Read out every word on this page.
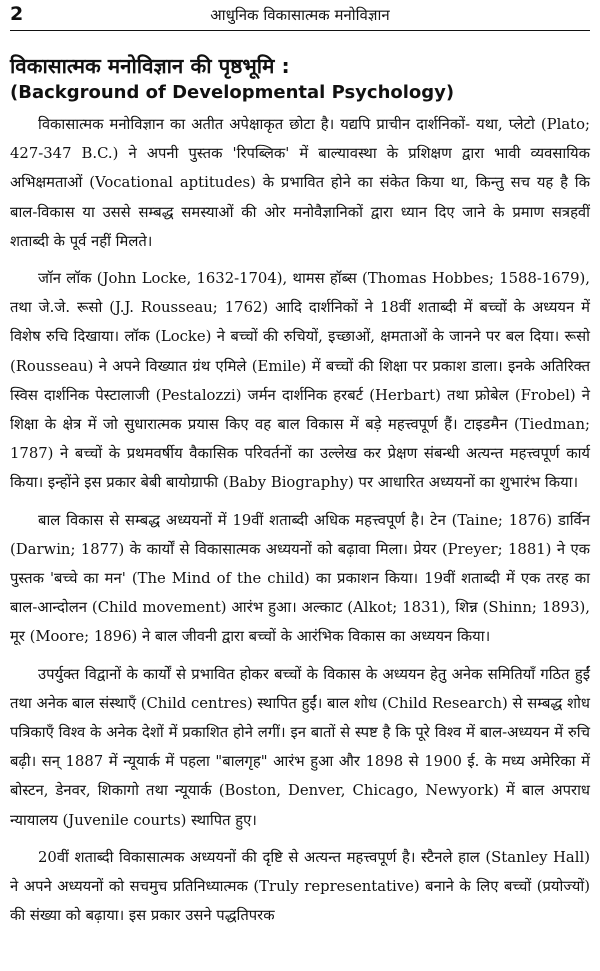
2	आधुनिक विकासात्मक मनोविज्ञान
विकासात्मक मनोविज्ञान की पृष्ठभूमि :
(Background of Developmental Psychology)

विकासात्मक मनोविज्ञान का अतीत अपेक्षाकृत छोटा है। यद्यपि प्राचीन दार्शनिकों- यथा, प्लेटो (Plato; 427-347 B.C.) ने अपनी पुस्तक 'रिपब्लिक' में बाल्यावस्था के प्रशिक्षण द्वारा भावी व्यवसायिक अभिक्षमताओं (Vocational aptitudes) के प्रभावित होने का संकेत किया था, किन्तु सच यह है कि बाल-विकास या उससे सम्बद्ध समस्याओं की ओर मनोवैज्ञानिकों द्वारा ध्यान दिए जाने के प्रमाण सत्रहवीं शताब्दी के पूर्व नहीं मिलते।

जॉन लॉक (John Locke, 1632-1704), थामस हॉब्स (Thomas Hobbes; 1588-1679), तथा जे.जे. रूसो (J.J. Rousseau; 1762) आदि दार्शनिकों ने 18वीं शताब्दी में बच्चों के अध्ययन में विशेष रुचि दिखाया। लॉक (Locke) ने बच्चों की रुचियों, इच्छाओं, क्षमताओं के जानने पर बल दिया। रूसो (Rousseau) ने अपने विख्यात ग्रंथ एमिले (Emile) में बच्चों की शिक्षा पर प्रकाश डाला। इनके अतिरिक्त स्विस दार्शनिक पेस्टालाजी (Pestalozzi) जर्मन दार्शनिक हरबर्ट (Herbart) तथा फ्रोबेल (Frobel) ने शिक्षा के क्षेत्र में जो सुधारात्मक प्रयास किए वह बाल विकास में बड़े महत्त्वपूर्ण हैं। टाइडमैन (Tiedman; 1787) ने बच्चों के प्रथमवर्षीय वैकासिक परिवर्तनों का उल्लेख कर प्रेक्षण संबन्धी अत्यन्त महत्त्वपूर्ण कार्य किया। इन्होंने इस प्रकार बेबी बायोग्राफी (Baby Biography) पर आधारित अध्ययनों का शुभारंभ किया।

बाल विकास से सम्बद्ध अध्ययनों में 19वीं शताब्दी अधिक महत्त्वपूर्ण है। टेन (Taine; 1876) डार्विन (Darwin; 1877) के कार्यों से विकासात्मक अध्ययनों को बढ़ावा मिला। प्रेयर (Preyer; 1881) ने एक पुस्तक 'बच्चे का मन' (The Mind of the child) का प्रकाशन किया। 19वीं शताब्दी में एक तरह का बाल-आन्दोलन (Child movement) आरंभ हुआ। अल्काट (Alkot; 1831), शिन्न (Shinn; 1893), मूर (Moore; 1896) ने बाल जीवनी द्वारा बच्चों के आरंभिक विकास का अध्ययन किया।

उपर्युक्त विद्वानों के कार्यों से प्रभावित होकर बच्चों के विकास के अध्ययन हेतु अनेक समितियाँ गठित हुईं तथा अनेक बाल संस्थाएँ (Child centres) स्थापित हुईं। बाल शोध (Child Research) से सम्बद्ध शोध पत्रिकाएँ विश्व के अनेक देशों में प्रकाशित होने लगीं। इन बातों से स्पष्ट है कि पूरे विश्व में बाल-अध्ययन में रुचि बढ़ी। सन् 1887 में न्यूयार्क में पहला "बालगृह" आरंभ हुआ और 1898 से 1900 ई. के मध्य अमेरिका में बोस्टन, डेनवर, शिकागो तथा न्यूयार्क (Boston, Denver, Chicago, Newyork) में बाल अपराध न्यायालय (Juvenile courts) स्थापित हुए।

20वीं शताब्दी विकासात्मक अध्ययनों की दृष्टि से अत्यन्त महत्त्वपूर्ण है। स्टैनले हाल (Stanley Hall) ने अपने अध्ययनों को सचमुच प्रतिनिध्यात्मक (Truly representative) बनाने के लिए बच्चों (प्रयोज्यों) की संख्या को बढ़ाया। इस प्रकार उसने पद्धतिपरक
